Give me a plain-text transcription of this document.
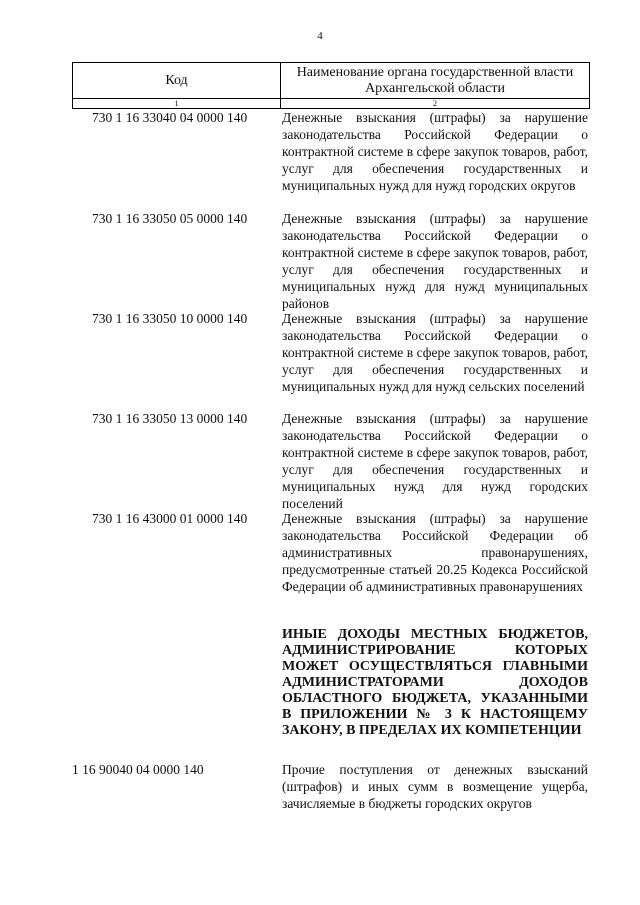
4
Код	Наименование органа государственной власти Архангельской области
1	2
730 1 16 33040 04 0000 140	Денежные взыскания (штрафы) за нарушение законодательства Российской Федерации о контрактной системе в сфере закупок товаров, работ, услуг для обеспечения государственных и муниципальных нужд для нужд городских округов
730 1 16 33050 05 0000 140	Денежные взыскания (штрафы) за нарушение законодательства Российской Федерации о контрактной системе в сфере закупок товаров, работ, услуг для обеспечения государственных и муниципальных нужд для нужд муниципальных районов
730 1 16 33050 10 0000 140	Денежные взыскания (штрафы) за нарушение законодательства Российской Федерации о контрактной системе в сфере закупок товаров, работ, услуг для обеспечения государственных и муниципальных нужд для нужд сельских поселений
730 1 16 33050 13 0000 140	Денежные взыскания (штрафы) за нарушение законодательства Российской Федерации о контрактной системе в сфере закупок товаров, работ, услуг для обеспечения государственных и муниципальных нужд для нужд городских поселений
730 1 16 43000 01 0000 140	Денежные взыскания (штрафы) за нарушение законодательства Российской Федерации об административных правонарушениях, предусмотренные статьей 20.25 Кодекса Российской Федерации об административных правонарушениях
ИНЫЕ ДОХОДЫ МЕСТНЫХ БЮДЖЕТОВ, АДМИНИСТРИРОВАНИЕ КОТОРЫХ МОЖЕТ ОСУЩЕСТВЛЯТЬСЯ ГЛАВНЫМИ АДМИНИСТРАТОРАМИ ДОХОДОВ ОБЛАСТНОГО БЮДЖЕТА, УКАЗАННЫМИ В ПРИЛОЖЕНИИ № 3 К НАСТОЯЩЕМУ ЗАКОНУ, В ПРЕДЕЛАХ ИХ КОМПЕТЕНЦИИ
1 16 90040 04 0000 140	Прочие поступления от денежных взысканий (штрафов) и иных сумм в возмещение ущерба, зачисляемые в бюджеты городских округов
